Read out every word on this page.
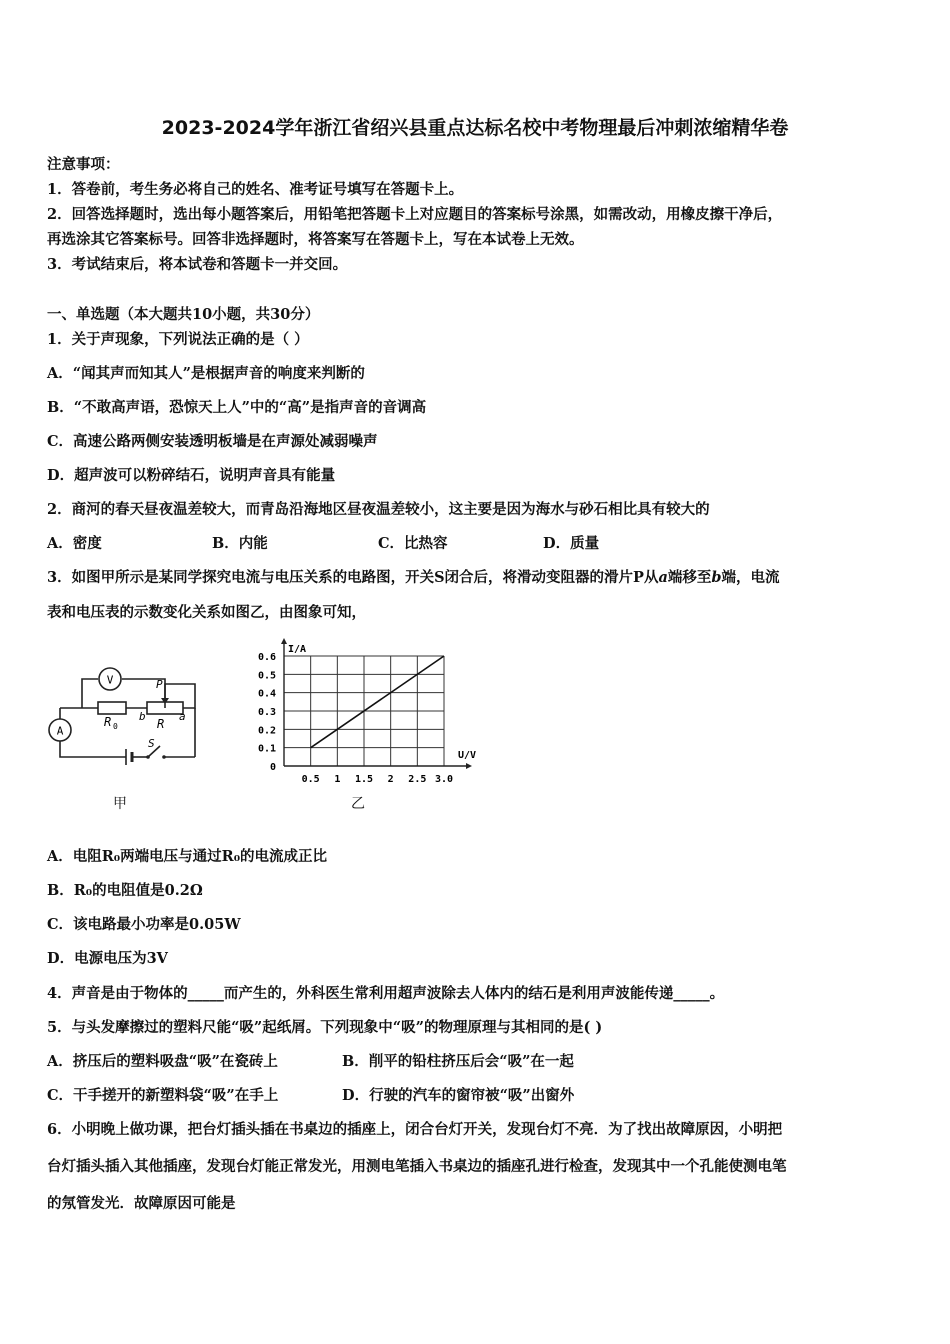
2023-2024学年浙江省绍兴县重点达标名校中考物理最后冲刺浓缩精华卷
注意事项：
1．答卷前，考生务必将自己的姓名、准考证号填写在答题卡上。
2．回答选择题时，选出每小题答案后，用铅笔把答题卡上对应题目的答案标号涂黑，如需改动，用橡皮擦干净后，
再选涂其它答案标号。回答非选择题时，将答案写在答题卡上，写在本试卷上无效。
3．考试结束后，将本试卷和答题卡一并交回。
一、单选题（本大题共10小题，共30分）
1．关于声现象，下列说法正确的是（ ）
A．“闻其声而知其人”是根据声音的响度来判断的
B．“不敢高声语，恐惊天上人”中的“高”是指声音的音调高
C．高速公路两侧安装透明板墙是在声源处减弱噪声
D．超声波可以粉碎结石，说明声音具有能量
2．商河的春天昼夜温差较大，而青岛沿海地区昼夜温差较小，这主要是因为海水与砂石相比具有较大的
A．密度	B．内能	C．比热容	D．质量
3．如图甲所示是某同学探究电流与电压关系的电路图，开关S闭合后，将滑动变阻器的滑片P从a端移至b端，电流
表和电压表的示数变化关系如图乙，由图象可知，
V
A
R 0	R
b	a
P
S
甲
0.5 1 1.5 2 2.5 3.0
0.6
0.5
0.4
0.3
0.2
0.1
0
U/V
I/A
乙
A．电阻R₀两端电压与通过R₀的电流成正比
B．R₀的电阻值是0.2Ω
C．该电路最小功率是0.05W
D．电源电压为3V
4．声音是由于物体的_____而产生的，外科医生常利用超声波除去人体内的结石是利用声波能传递_____。
5．与头发摩擦过的塑料尺能“吸”起纸屑。下列现象中“吸”的物理原理与其相同的是( )
A．挤压后的塑料吸盘“吸”在瓷砖上	B．削平的铅柱挤压后会“吸”在一起
C．干手搓开的新塑料袋“吸”在手上	D．行驶的汽车的窗帘被“吸”出窗外
6．小明晚上做功课，把台灯插头插在书桌边的插座上，闭合台灯开关，发现台灯不亮．为了找出故障原因，小明把
台灯插头插入其他插座，发现台灯能正常发光，用测电笔插入书桌边的插座孔进行检查，发现其中一个孔能使测电笔
的氖管发光．故障原因可能是
